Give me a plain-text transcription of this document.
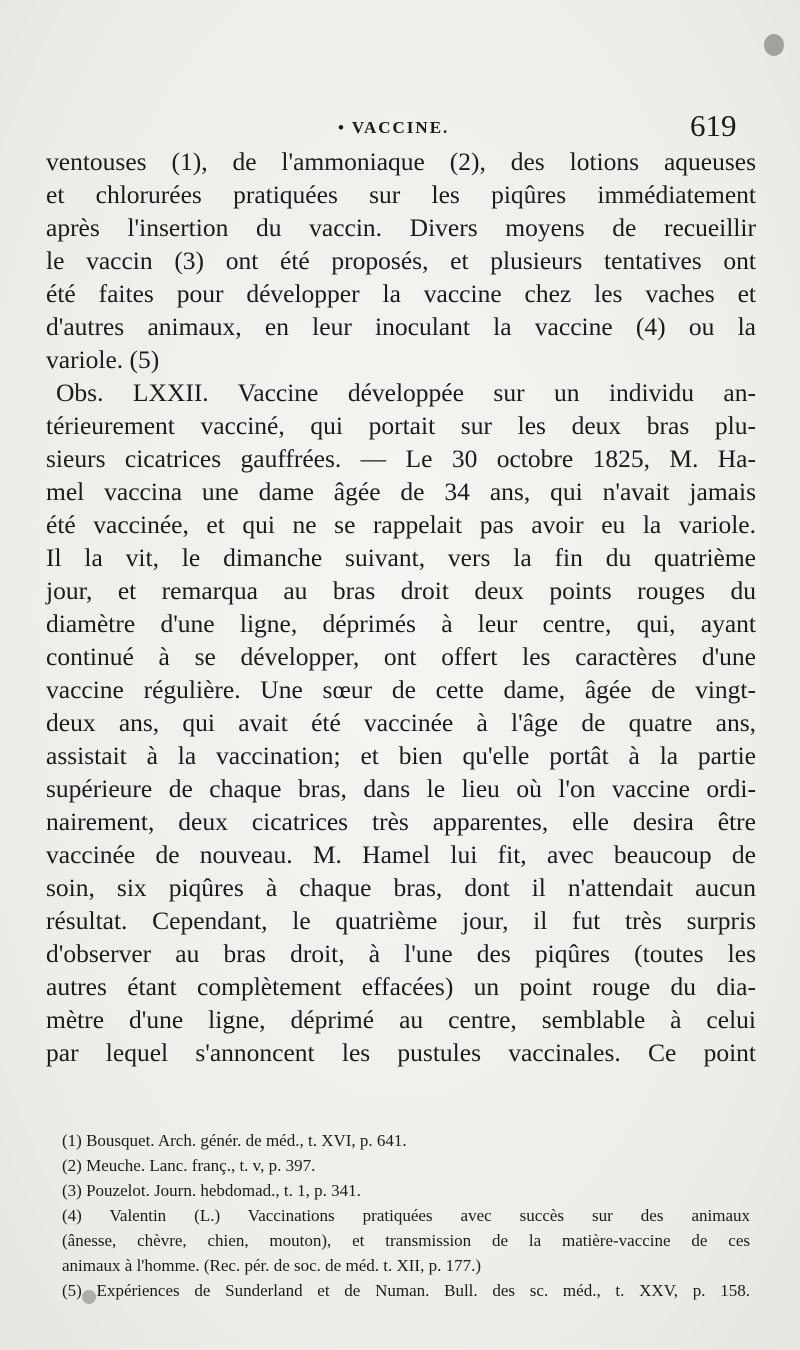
• VACCINE.	619
ventouses (1), de l'ammoniaque (2), des lotions aqueuses
et chlorurées pratiquées sur les piqûres immédiatement
après l'insertion du vaccin. Divers moyens de recueillir
le vaccin (3) ont été proposés, et plusieurs tentatives ont
été faites pour développer la vaccine chez les vaches et
d'autres animaux, en leur inoculant la vaccine (4) ou la
variole. (5)
Obs. LXXII. Vaccine développée sur un individu an-
térieurement vacciné, qui portait sur les deux bras plu-
sieurs cicatrices gauffrées. — Le 30 octobre 1825, M. Ha-
mel vaccina une dame âgée de 34 ans, qui n'avait jamais
été vaccinée, et qui ne se rappelait pas avoir eu la variole.
Il la vit, le dimanche suivant, vers la fin du quatrième
jour, et remarqua au bras droit deux points rouges du
diamètre d'une ligne, déprimés à leur centre, qui, ayant
continué à se développer, ont offert les caractères d'une
vaccine régulière. Une sœur de cette dame, âgée de vingt-
deux ans, qui avait été vaccinée à l'âge de quatre ans,
assistait à la vaccination; et bien qu'elle portât à la partie
supérieure de chaque bras, dans le lieu où l'on vaccine ordi-
nairement, deux cicatrices très apparentes, elle desira être
vaccinée de nouveau. M. Hamel lui fit, avec beaucoup de
soin, six piqûres à chaque bras, dont il n'attendait aucun
résultat. Cependant, le quatrième jour, il fut très surpris
d'observer au bras droit, à l'une des piqûres (toutes les
autres étant complètement effacées) un point rouge du dia-
mètre d'une ligne, déprimé au centre, semblable à celui
par lequel s'annoncent les pustules vaccinales. Ce point
(1) Bousquet. Arch. génér. de méd., t. XVI, p. 641.
(2) Meuche. Lanc. franç., t. v, p. 397.
(3) Pouzelot. Journ. hebdomad., t. 1, p. 341.
(4) Valentin (L.) Vaccinations pratiquées avec succès sur des animaux
(ânesse, chèvre, chien, mouton), et transmission de la matière-vaccine de ces
animaux à l'homme. (Rec. pér. de soc. de méd. t. XII, p. 177.)
(5) Expériences de Sunderland et de Numan. Bull. des sc. méd., t. XXV, p. 158.
